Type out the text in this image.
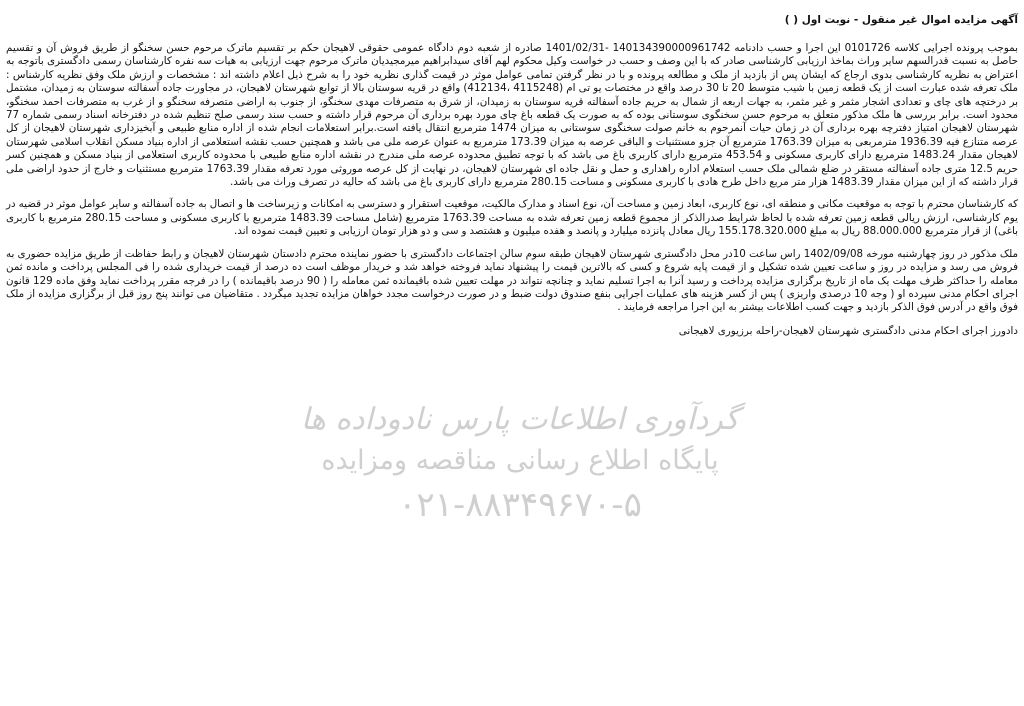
آگهی مزایده اموال غیر منقول - نوبت اول ( )

بموجب پرونده اجرایی کلاسه 0101726 این اجرا و حسب دادنامه 140134390000961742 -1401/02/31 صادره از شعبه دوم دادگاه عمومی حقوقی لاهیجان حکم بر تقسیم ماترک مرحوم حسن سخنگو از طریق فروش آن و تقسیم حاصل به نسبت قدرالسهم سایر وراث بماخذ ارزیابی کارشناسی صادر که با این وصف و حسب در خواست وکیل محکوم لهم آقای سیدابراهیم میرمجیدیان ماترک مرحوم جهت ارزیابی به هیات سه نفره کارشناسان رسمی دادگستری باتوجه به اعتراض به نظریه کارشناسی بدوی ارجاع که ایشان پس از بازدید از ملک و مطالعه پرونده و با در نظر گرفتن تمامی عوامل موثر در قیمت گذاری نظریه خود را به شرح ذیل اعلام داشته اند : مشخصات و ارزش ملک وفق نظریه کارشناس : ملک تعرفه شده عبارت است از یک قطعه زمین با شیب متوسط 20 تا 30 درصد واقع در مختصات یو تی ام (4115248 ،412134) واقع در قریه سوستان بالا از توابع شهرستان لاهیجان، در مجاورت جاده آسفالته سوستان به زمیدان، مشتمل بر درختچه های چای و تعدادی اشجار مثمر و غیر مثمر، به جهات اربعه از شمال به حریم جاده آسفالته قریه سوستان به زمیدان، از شرق به متصرفات مهدی سخنگو، از جنوب به اراضی متصرفه سخنگو و از غرب به متصرفات احمد سخنگو، محدود است. برابر بررسی ها ملک مذکور متعلق به مرحوم حسن سخنگوی سوستانی بوده که به صورت یک قطعه باغ چای مورد بهره برداری آن مرحوم قرار داشته و حسب سند رسمی صلح تنظیم شده در دفترخانه اسناد رسمی شماره 77 شهرستان لاهیجان امتیاز دفترچه بهره برداری آن در زمان حیات آنمرحوم به خانم صولت سخنگوی سوستانی به میزان 1474 مترمربع انتقال یافته است.برابر استعلامات انجام شده از اداره منابع طبیعی و آبخیزداری شهرستان لاهیجان از کل عرصه متنازع فیه 1936.39 مترمربعی به میزان 1763.39 مترمربع آن جزو مستثنیات و الباقی عرصه به میزان 173.39 مترمربع به عنوان عرصه ملی می باشد و همچنین حسب نقشه استعلامی از اداره بنیاد مسکن انقلاب اسلامی شهرستان لاهیجان مقدار 1483.24 مترمربع دارای کاربری مسکونی و 453.54 مترمربع دارای کاربری باغ می باشد که با توجه تطبیق محدوده عرصه ملی مندرج در نقشه اداره منابع طبیعی با محدوده کاربری استعلامی از بنیاد مسکن و همچنین کسر حریم 12.5 متری جاده آسفالته مستقر در ضلع شمالی ملک حسب استعلام اداره راهداری و حمل و نقل جاده ای شهرستان لاهیجان، در نهایت از کل عرصه موروثی مورد تعرفه مقدار 1763.39 مترمربع مستثنیات و خارج از حدود اراضی ملی قرار داشته که از این میزان مقدار 1483.39 هزار متر مربع داخل طرح هادی با کاربری مسکونی و مساحت 280.15 مترمربع دارای کاربری باغ می باشد که حالیه در تصرف وراث می باشد.

که کارشناسان محترم با توجه به موقعیت مکانی و منطقه ای، نوع کاربری، ابعاد زمین و مساحت آن، نوع اسناد و مدارک مالکیت، موقعیت استقرار و دسترسی به امکانات و زیرساخت ها و اتصال به جاده آسفالته و سایر عوامل موثر در قضیه در یوم کارشناسی، ارزش ریالی قطعه زمین تعرفه شده با لحاظ شرایط صدرالذکر از مجموع قطعه زمین تعرفه شده به مساحت 1763.39 مترمربع (شامل مساحت 1483.39 مترمربع با کاربری مسکونی و مساحت 280.15 مترمربع با کاربری باغی) از قرار مترمربع 88.000.000 ریال به مبلغ 155.178.320.000 ریال معادل پانزده میلیارد و پانصد و هفده میلیون و هشتصد و سی و دو هزار تومان ارزیابی و تعیین قیمت نموده اند.

ملک مذکور در روز چهارشنبه مورخه 1402/09/08 راس ساعت 10در محل دادگستری شهرستان لاهیجان طبقه سوم سالن اجتماعات دادگستری با حضور نماینده محترم دادستان شهرستان لاهیجان و رابط حفاظت از طریق مزایده حضوری به فروش می رسد و مزایده در روز و ساعت تعیین شده تشکیل و از قیمت پایه شروع و کسی که بالاترین قیمت را پیشنهاد نماید فروخته خواهد شد و خریدار موظف است ده درصد از قیمت خریداری شده را فی المجلس پرداخت و مانده ثمن معامله را حداکثر ظرف مهلت یک ماه از تاریخ برگزاری مزایده پرداخت و رسید آنرا به اجرا تسلیم نماید و چنانچه نتواند در مهلت تعیین شده باقیمانده ثمن معامله را ( 90 درصد باقیمانده ) را در فرجه مقرر پرداخت نماید وفق ماده 129 قانون اجرای احکام مدنی سپرده او ( وجه 10 درصدی واریزی ) پس از کسر هزینه های عملیات اجرایی بنفع صندوق دولت ضبط و در صورت درخواست مجدد خواهان مزایده تجدید میگردد . متقاضیان می توانند پنج روز قبل از برگزاری مزایده از ملک فوق واقع در آدرس فوق الذکر بازدید و جهت کسب اطلاعات بیشتر به این اجرا مراجعه فرمایند .

دادورز اجرای احکام مدنی دادگستری شهرستان لاهیجان-راحله برزیوری لاهیجانی
گردآوری اطلاعات پارس نادوداده ها
پایگاه اطلاع رسانی مناقصه ومزایده
۰۲۱-۸۸۳۴۹۶۷۰-۵
